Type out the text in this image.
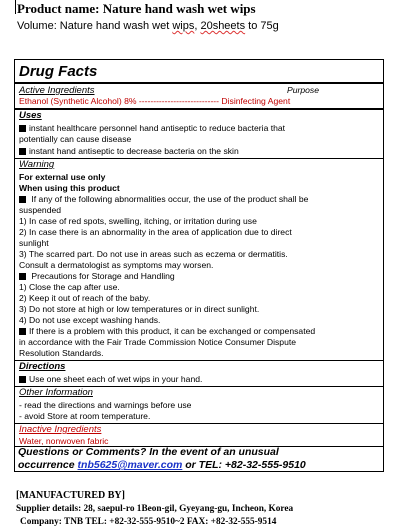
Product name: Nature hand wash wet wips
Volume: Nature hand wash wet wips, 20sheets to 75g
Drug Facts
Active Ingredients	Purpose
Ethanol (Synthetic Alcohol) 8% ---------------------------- Disinfecting Agent
Uses
instant healthcare personnel hand antiseptic to reduce bacteria that
potentially can cause disease
instant hand antiseptic to decrease bacteria on the skin
Warning
For external use only
When using this product
If any of the following abnormalities occur, the use of the product shall be
suspended
1) In case of red spots, swelling, itching, or irritation during use
2) In case there is an abnormality in the area of application due to direct
sunlight
3) The scarred part. Do not use in areas such as eczema or dermatitis.
Consult a dermatologist as symptoms may worsen.
Precautions for Storage and Handling
1) Close the cap after use.
2) Keep it out of reach of the baby.
3) Do not store at high or low temperatures or in direct sunlight.
4) Do not use except washing hands.
If there is a problem with this product, it can be exchanged or compensated
in accordance with the Fair Trade Commission Notice Consumer Dispute
Resolution Standards.
Directions
Use one sheet each of wet wips in your hand.
Other Information
- read the directions and warnings before use
- avoid Store at room temperature.
Inactive Ingredients
Water, nonwoven fabric
Questions or Comments? In the event of an unusual
occurrence tnb5625@maver.com or TEL: +82-32-555-9510
[MANUFACTURED BY]
Supplier details: 28, saepul-ro 1Beon-gil, Gyeyang-gu, Incheon, Korea
Company: TNB TEL: +82-32-555-9510~2 FAX: +82-32-555-9514
